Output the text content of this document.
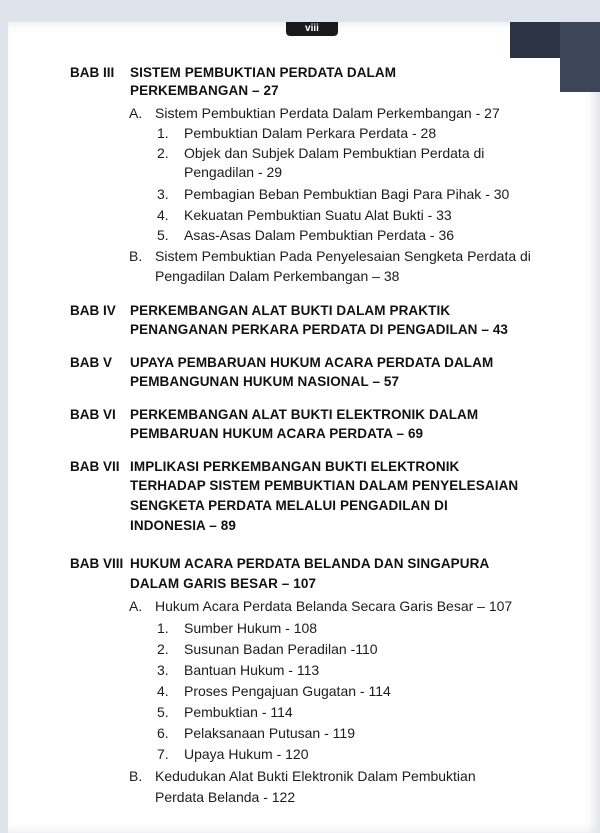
viii
BAB III SISTEM PEMBUKTIAN PERDATA DALAM
PERKEMBANGAN – 27
A. Sistem Pembuktian Perdata Dalam Perkembangan - 27
1. Pembuktian Dalam Perkara Perdata - 28
2. Objek dan Subjek Dalam Pembuktian Perdata di
Pengadilan - 29
3. Pembagian Beban Pembuktian Bagi Para Pihak - 30
4. Kekuatan Pembuktian Suatu Alat Bukti - 33
5. Asas-Asas Dalam Pembuktian Perdata - 36
B. Sistem Pembuktian Pada Penyelesaian Sengketa Perdata di
Pengadilan Dalam Perkembangan – 38
BAB IV PERKEMBANGAN ALAT BUKTI DALAM PRAKTIK
PENANGANAN PERKARA PERDATA DI PENGADILAN – 43
BAB V UPAYA PEMBARUAN HUKUM ACARA PERDATA DALAM
PEMBANGUNAN HUKUM NASIONAL – 57
BAB VI PERKEMBANGAN ALAT BUKTI ELEKTRONIK DALAM
PEMBARUAN HUKUM ACARA PERDATA – 69
BAB VII IMPLIKASI PERKEMBANGAN BUKTI ELEKTRONIK
TERHADAP SISTEM PEMBUKTIAN DALAM PENYELESAIAN
SENGKETA PERDATA MELALUI PENGADILAN DI
INDONESIA – 89
BAB VIII HUKUM ACARA PERDATA BELANDA DAN SINGAPURA
DALAM GARIS BESAR – 107
A. Hukum Acara Perdata Belanda Secara Garis Besar – 107
1. Sumber Hukum - 108
2. Susunan Badan Peradilan -110
3. Bantuan Hukum - 113
4. Proses Pengajuan Gugatan - 114
5. Pembuktian - 114
6. Pelaksanaan Putusan - 119
7. Upaya Hukum - 120
B. Kedudukan Alat Bukti Elektronik Dalam Pembuktian
Perdata Belanda - 122
